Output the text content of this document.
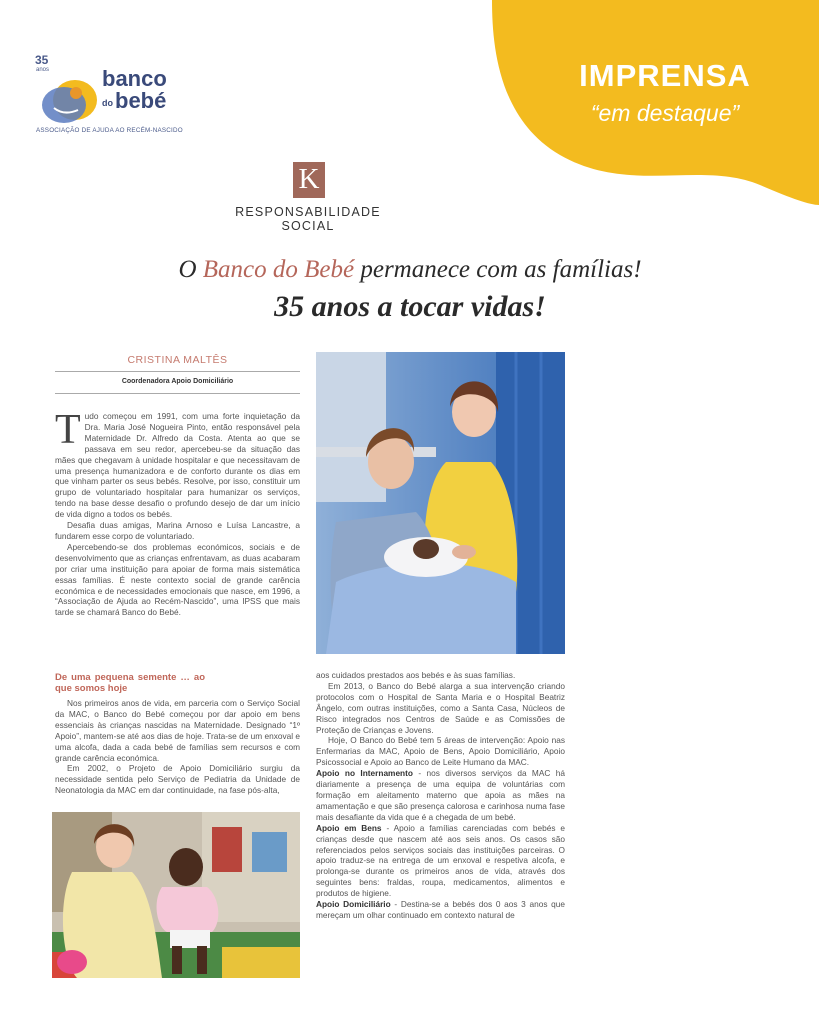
IMPRENSA
“em destaque”
35
anos banco
bebé
do
ASSOCIAÇÃO DE AJUDA AO RECÉM-NASCIDO
K
RESPONSABILIDADE SOCIAL
O Banco do Bebé permanece com as famílias!
35 anos a tocar vidas!
CRISTINA MALTÊS
Coordenadora Apoio Domiciliário

Tudo começou em 1991, com uma forte inquietação da Dra. Maria José Nogueira Pinto, então responsável pela Maternidade Dr. Alfredo da Costa. Atenta ao que se passava em seu redor, apercebeu-se da situação das mães que chegavam à unidade hospitalar e que necessitavam de uma presença humanizadora e de conforto durante os dias em que vinham parter os seus bebés. Resolve, por isso, constituir um grupo de voluntariado hospitalar para humanizar os serviços, tendo na base desse desafio o profundo desejo de dar um início de vida digno a todos os bebés.

Desafia duas amigas, Marina Arnoso e Luísa Lancastre, a fundarem esse corpo de voluntariado.

Apercebendo-se dos problemas económicos, sociais e de desenvolvimento que as crianças enfrentavam, as duas acabaram por criar uma instituição para apoiar de forma mais sistemática essas famílias. É neste contexto social de grande carência económica e de necessidades emocionais que nasce, em 1996, a “Associação de Ajuda ao Recém-Nascido”, uma IPSS que mais tarde se chamará Banco do Bebé.

De uma pequena semente … ao que somos hoje

Nos primeiros anos de vida, em parceria com o Serviço Social da MAC, o Banco do Bebé começou por dar apoio em bens essenciais às crianças nascidas na Maternidade. Designado “1º Apoio”, mantem-se até aos dias de hoje. Trata-se de um enxoval e uma alcofa, dada a cada bebé de famílias sem recursos e com grande carência económica.

Em 2002, o Projeto de Apoio Domiciliário surgiu da necessidade sentida pelo Serviço de Pediatria da Unidade de Neonatologia da MAC em dar continuidade, na fase pós-alta,

aos cuidados prestados aos bebés e às suas famílias.

Em 2013, o Banco do Bebé alarga a sua intervenção criando protocolos com o Hospital de Santa Maria e o Hospital Beatriz Ângelo, com outras instituições, como a Santa Casa, Núcleos de Risco integrados nos Centros de Saúde e as Comissões de Proteção de Crianças e Jovens.

Hoje, O Banco do Bebé tem 5 áreas de intervenção: Apoio nas Enfermarias da MAC, Apoio de Bens, Apoio Domiciliário, Apoio Psicossocial e Apoio ao Banco de Leite Humano da MAC.

Apoio no Internamento - nos diversos serviços da MAC há diariamente a presença de uma equipa de voluntárias com formação em aleitamento materno que apoia as mães na amamentação e que são presença calorosa e carinhosa numa fase mais desafiante da vida que é a chegada de um bebé.

Apoio em Bens - Apoio a famílias carenciadas com bebés e crianças desde que nascem até aos seis anos. Os casos são referenciados pelos serviços sociais das instituições parceiras. O apoio traduz-se na entrega de um enxoval e respetiva alcofa, e prolonga-se durante os primeiros anos de vida, através dos seguintes bens: fraldas, roupa, medicamentos, alimentos e produtos de higiene.

Apoio Domiciliário - Destina-se a bebés dos 0 aos 3 anos que mereçam um olhar continuado em contexto natural de
